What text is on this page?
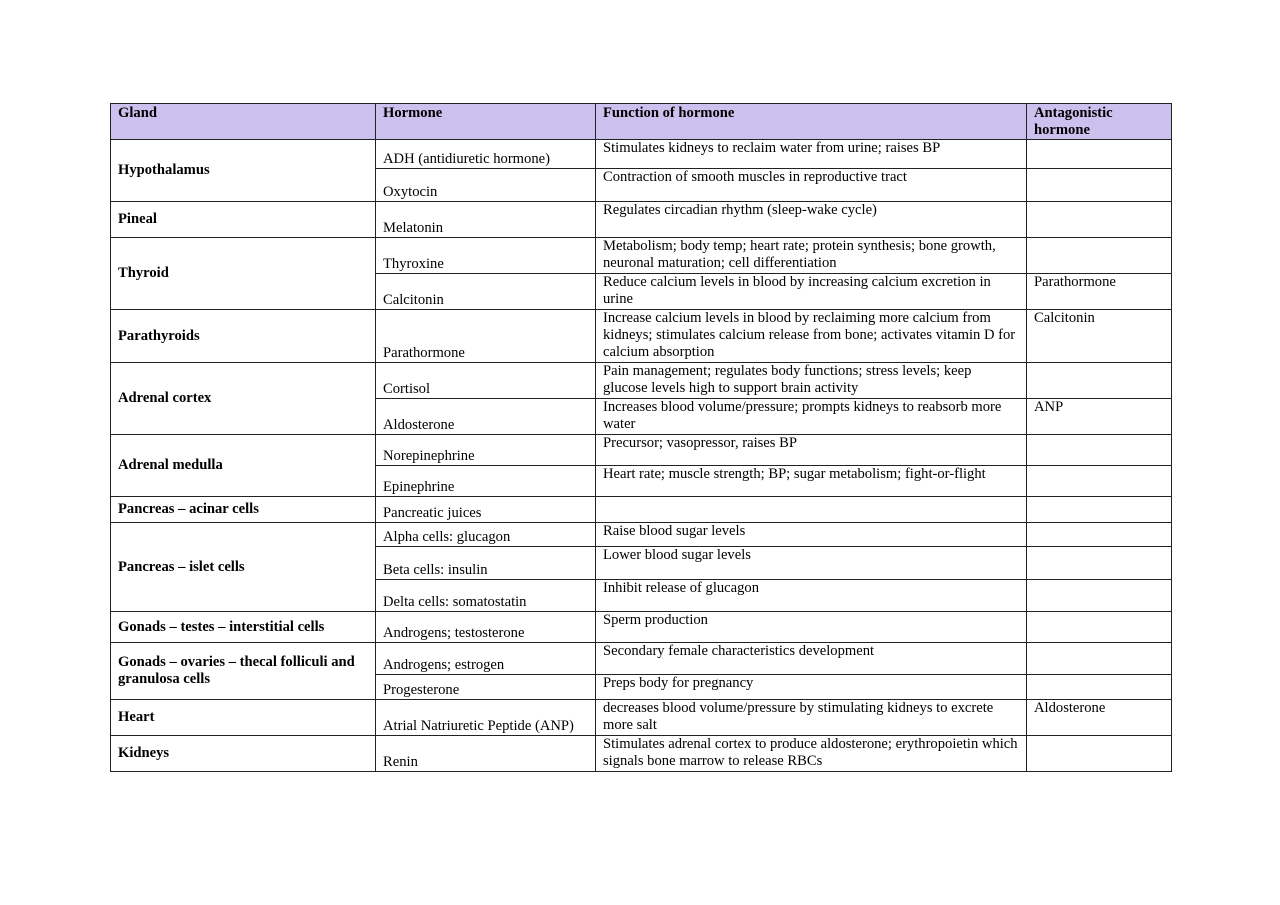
Gland	Hormone	Function of hormone	Antagonistic hormone
Hypothalamus	ADH (antidiuretic hormone)	Stimulates kidneys to reclaim water from urine; raises BP	
	Oxytocin	Contraction of smooth muscles in reproductive tract	
Pineal	Melatonin	Regulates circadian rhythm (sleep-wake cycle)	
Thyroid	Thyroxine	Metabolism; body temp; heart rate; protein synthesis; bone growth, neuronal maturation; cell differentiation	
	Calcitonin	Reduce calcium levels in blood by increasing calcium excretion in urine	Parathormone
Parathyroids	Parathormone	Increase calcium levels in blood by reclaiming more calcium from kidneys; stimulates calcium release from bone; activates vitamin D for calcium absorption	Calcitonin
Adrenal cortex	Cortisol	Pain management; regulates body functions; stress levels; keep glucose levels high to support brain activity	
	Aldosterone	Increases blood volume/pressure; prompts kidneys to reabsorb more water	ANP
Adrenal medulla	Norepinephrine	Precursor; vasopressor, raises BP	
	Epinephrine	Heart rate; muscle strength; BP; sugar metabolism; fight-or-flight	
Pancreas – acinar cells	Pancreatic juices		
Pancreas – islet cells	Alpha cells: glucagon	Raise blood sugar levels	
	Beta cells: insulin	Lower blood sugar levels	
	Delta cells: somatostatin	Inhibit release of glucagon	
Gonads – testes – interstitial cells	Androgens; testosterone	Sperm production	
Gonads – ovaries – thecal folliculi and granulosa cells	Androgens; estrogen	Secondary female characteristics development	
	Progesterone	Preps body for pregnancy	
Heart	Atrial Natriuretic Peptide (ANP)	decreases blood volume/pressure by stimulating kidneys to excrete more salt	Aldosterone
Kidneys	Renin	Stimulates adrenal cortex to produce aldosterone; erythropoietin which signals bone marrow to release RBCs	
